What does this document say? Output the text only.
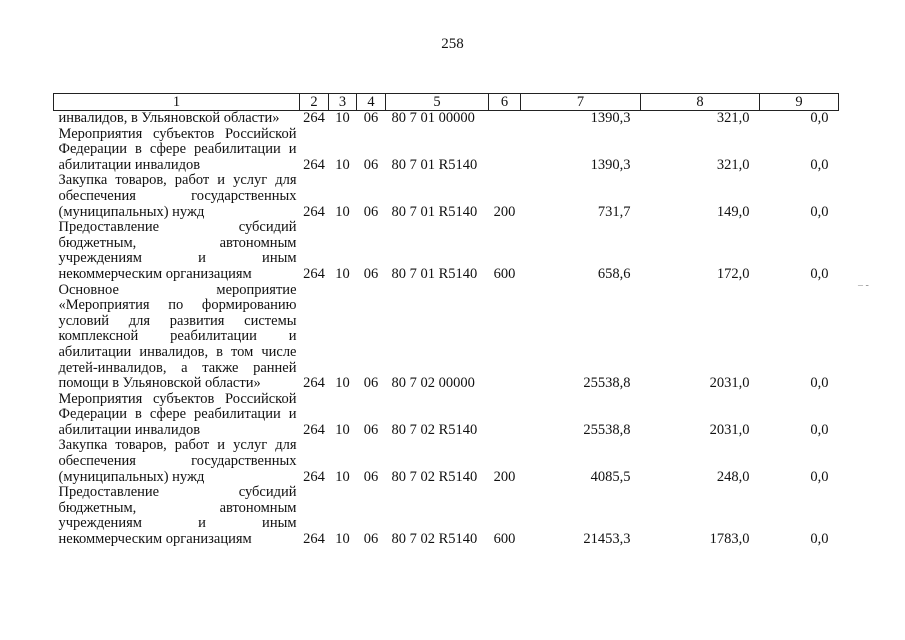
258
1	2	3	4	5	6	7	8	9
инвалидов, в Ульяновской области»	264	10	06	80 7 01 00000		1390,3	321,0	0,0
Мероприятия субъектов Российской Федерации в сфере реабилитации и абилитации инвалидов	264	10	06	80 7 01 R5140		1390,3	321,0	0,0
Закупка товаров, работ и услуг для обеспечения государственных (муниципальных) нужд	264	10	06	80 7 01 R5140	200	731,7	149,0	0,0
Предоставление субсидий бюджетным, автономным учреждениям и иным некоммерческим организациям	264	10	06	80 7 01 R5140	600	658,6	172,0	0,0
Основное мероприятие «Мероприятия по формированию условий для развития системы комплексной реабилитации и абилитации инвалидов, в том числе детей-инвалидов, а также ранней помощи в Ульяновской области»	264	10	06	80 7 02 00000		25538,8	2031,0	0,0
Мероприятия субъектов Российской Федерации в сфере реабилитации и абилитации инвалидов	264	10	06	80 7 02 R5140		25538,8	2031,0	0,0
Закупка товаров, работ и услуг для обеспечения государственных (муниципальных) нужд	264	10	06	80 7 02 R5140	200	4085,5	248,0	0,0
Предоставление субсидий бюджетным, автономным учреждениям и иным некоммерческим организациям	264	10	06	80 7 02 R5140	600	21453,3	1783,0	0,0
– -
